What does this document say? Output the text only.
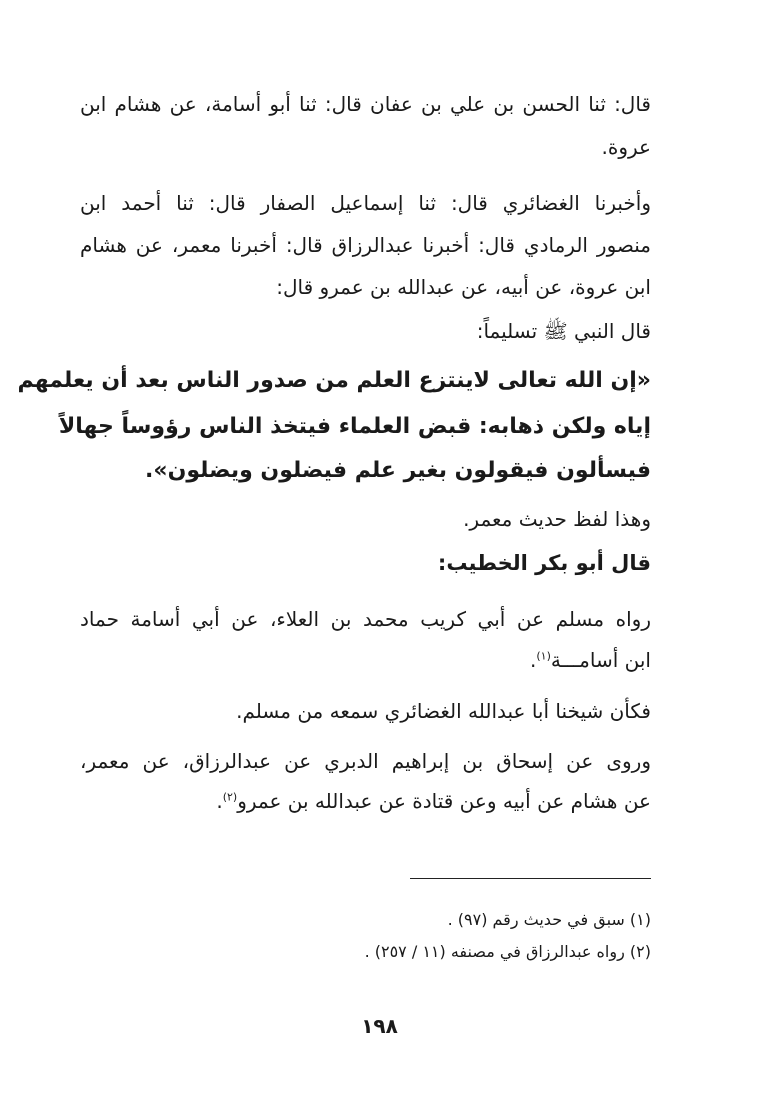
قال: ثنا الحسن بن علي بن عفان قال: ثنا أبو أسامة، عن هشام ابن
عروة.
وأخبرنا الغضائري قال: ثنا إسماعيل الصفار قال: ثنا أحمد ابن
منصور الرمادي قال: أخبرنا عبدالرزاق قال: أخبرنا معمر، عن هشام
ابن عروة، عن أبيه، عن عبدالله بن عمرو قال:
قال النبي ﷺ تسليماً:
«إن الله تعالى لاينتزع العلم من صدور الناس بعد أن يعلمهم
إياه ولكن ذهابه: قبض العلماء فيتخذ الناس رؤوساً جهالاً
فيسألون فيقولون بغير علم فيضلون ويضلون».
وهذا لفظ حديث معمر.
قال أبو بكر الخطيب:
رواه مسلم عن أبي كريب محمد بن العلاء، عن أبي أسامة حماد
ابن أسامـــة$^{(١)}$.
فكأن شيخنا أبا عبدالله الغضائري سمعه من مسلم.
وروى عن إسحاق بن إبراهيم الدبري عن عبدالرزاق، عن معمر،
عن هشام عن أبيه وعن قتادة عن عبدالله بن عمرو$^{(٢)}$.
(١) سبق في حديث رقم (٩٧) .
(٢) رواه عبدالرزاق في مصنفه (١١ / ٢٥٧) .
١٩٨
